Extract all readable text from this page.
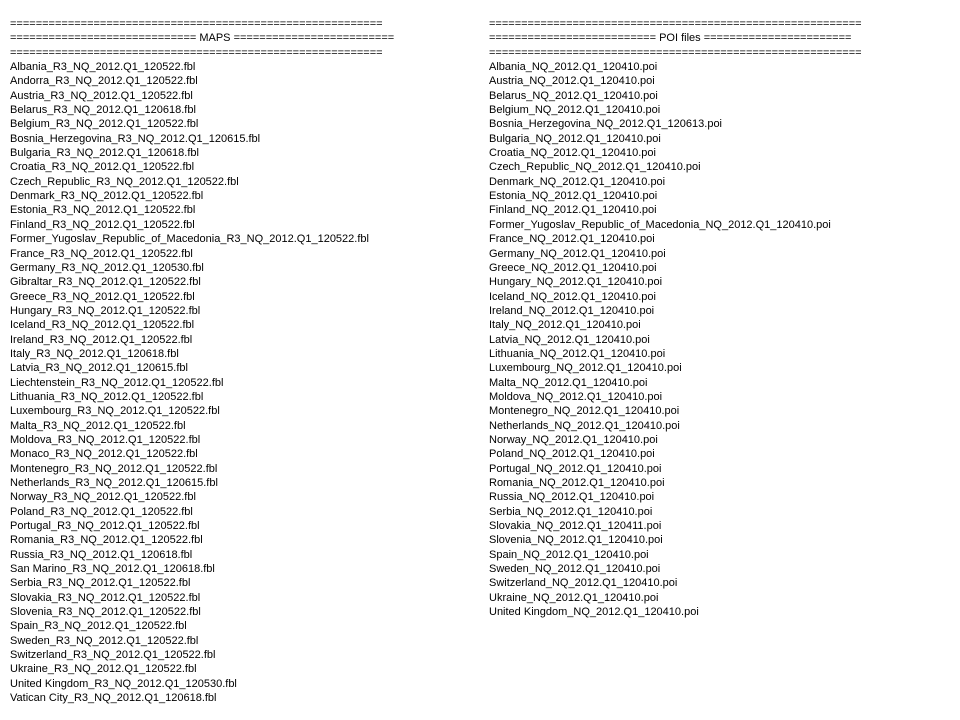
==========================================================
============================= MAPS =========================
==========================================================
Albania_R3_NQ_2012.Q1_120522.fbl
Andorra_R3_NQ_2012.Q1_120522.fbl
Austria_R3_NQ_2012.Q1_120522.fbl
Belarus_R3_NQ_2012.Q1_120618.fbl
Belgium_R3_NQ_2012.Q1_120522.fbl
Bosnia_Herzegovina_R3_NQ_2012.Q1_120615.fbl
Bulgaria_R3_NQ_2012.Q1_120618.fbl
Croatia_R3_NQ_2012.Q1_120522.fbl
Czech_Republic_R3_NQ_2012.Q1_120522.fbl
Denmark_R3_NQ_2012.Q1_120522.fbl
Estonia_R3_NQ_2012.Q1_120522.fbl
Finland_R3_NQ_2012.Q1_120522.fbl
Former_Yugoslav_Republic_of_Macedonia_R3_NQ_2012.Q1_120522.fbl
France_R3_NQ_2012.Q1_120522.fbl
Germany_R3_NQ_2012.Q1_120530.fbl
Gibraltar_R3_NQ_2012.Q1_120522.fbl
Greece_R3_NQ_2012.Q1_120522.fbl
Hungary_R3_NQ_2012.Q1_120522.fbl
Iceland_R3_NQ_2012.Q1_120522.fbl
Ireland_R3_NQ_2012.Q1_120522.fbl
Italy_R3_NQ_2012.Q1_120618.fbl
Latvia_R3_NQ_2012.Q1_120615.fbl
Liechtenstein_R3_NQ_2012.Q1_120522.fbl
Lithuania_R3_NQ_2012.Q1_120522.fbl
Luxembourg_R3_NQ_2012.Q1_120522.fbl
Malta_R3_NQ_2012.Q1_120522.fbl
Moldova_R3_NQ_2012.Q1_120522.fbl
Monaco_R3_NQ_2012.Q1_120522.fbl
Montenegro_R3_NQ_2012.Q1_120522.fbl
Netherlands_R3_NQ_2012.Q1_120615.fbl
Norway_R3_NQ_2012.Q1_120522.fbl
Poland_R3_NQ_2012.Q1_120522.fbl
Portugal_R3_NQ_2012.Q1_120522.fbl
Romania_R3_NQ_2012.Q1_120522.fbl
Russia_R3_NQ_2012.Q1_120618.fbl
San Marino_R3_NQ_2012.Q1_120618.fbl
Serbia_R3_NQ_2012.Q1_120522.fbl
Slovakia_R3_NQ_2012.Q1_120522.fbl
Slovenia_R3_NQ_2012.Q1_120522.fbl
Spain_R3_NQ_2012.Q1_120522.fbl
Sweden_R3_NQ_2012.Q1_120522.fbl
Switzerland_R3_NQ_2012.Q1_120522.fbl
Ukraine_R3_NQ_2012.Q1_120522.fbl
United Kingdom_R3_NQ_2012.Q1_120530.fbl
Vatican City_R3_NQ_2012.Q1_120618.fbl
==========================================================
========================== POI files =======================
==========================================================
Albania_NQ_2012.Q1_120410.poi
Austria_NQ_2012.Q1_120410.poi
Belarus_NQ_2012.Q1_120410.poi
Belgium_NQ_2012.Q1_120410.poi
Bosnia_Herzegovina_NQ_2012.Q1_120613.poi
Bulgaria_NQ_2012.Q1_120410.poi
Croatia_NQ_2012.Q1_120410.poi
Czech_Republic_NQ_2012.Q1_120410.poi
Denmark_NQ_2012.Q1_120410.poi
Estonia_NQ_2012.Q1_120410.poi
Finland_NQ_2012.Q1_120410.poi
Former_Yugoslav_Republic_of_Macedonia_NQ_2012.Q1_120410.poi
France_NQ_2012.Q1_120410.poi
Germany_NQ_2012.Q1_120410.poi
Greece_NQ_2012.Q1_120410.poi
Hungary_NQ_2012.Q1_120410.poi
Iceland_NQ_2012.Q1_120410.poi
Ireland_NQ_2012.Q1_120410.poi
Italy_NQ_2012.Q1_120410.poi
Latvia_NQ_2012.Q1_120410.poi
Lithuania_NQ_2012.Q1_120410.poi
Luxembourg_NQ_2012.Q1_120410.poi
Malta_NQ_2012.Q1_120410.poi
Moldova_NQ_2012.Q1_120410.poi
Montenegro_NQ_2012.Q1_120410.poi
Netherlands_NQ_2012.Q1_120410.poi
Norway_NQ_2012.Q1_120410.poi
Poland_NQ_2012.Q1_120410.poi
Portugal_NQ_2012.Q1_120410.poi
Romania_NQ_2012.Q1_120410.poi
Russia_NQ_2012.Q1_120410.poi
Serbia_NQ_2012.Q1_120410.poi
Slovakia_NQ_2012.Q1_120411.poi
Slovenia_NQ_2012.Q1_120410.poi
Spain_NQ_2012.Q1_120410.poi
Sweden_NQ_2012.Q1_120410.poi
Switzerland_NQ_2012.Q1_120410.poi
Ukraine_NQ_2012.Q1_120410.poi
United Kingdom_NQ_2012.Q1_120410.poi
